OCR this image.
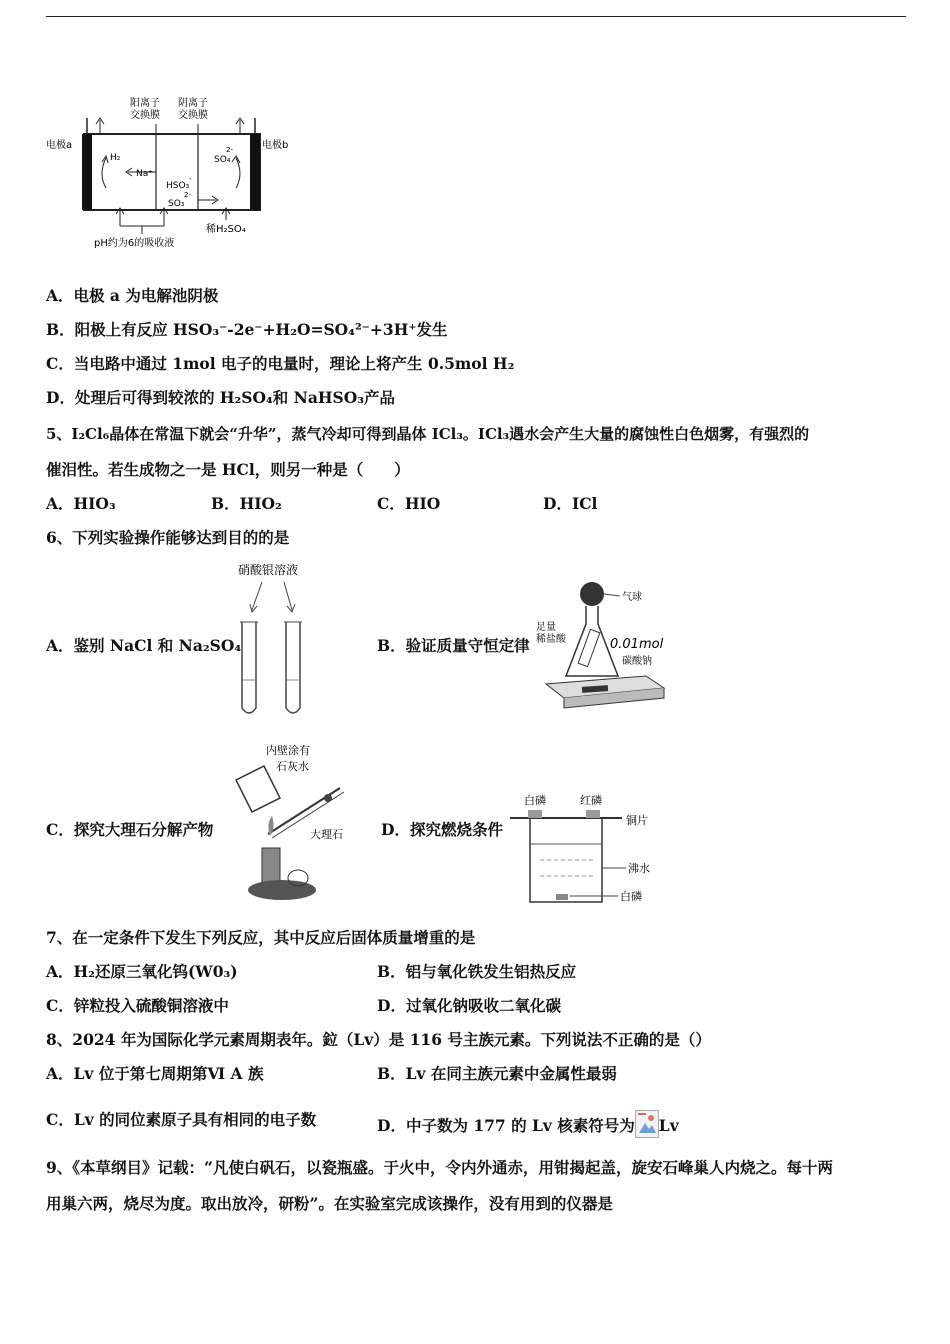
阳离子
交换膜
阴离子
交换膜
电极a	电极b
H₂
Na⁺
SO₄
2-
HSO₃
-
SO₃
2-
pH约为6的吸收液
稀H₂SO₄
A．电极 a 为电解池阴极
B．阳极上有反应 HSO₃⁻-2e⁻+H₂O=SO₄²⁻+3H⁺发生
C．当电路中通过 1mol 电子的电量时，理论上将产生 0.5mol H₂
D．处理后可得到较浓的 H₂SO₄和 NaHSO₃产品
5、I₂Cl₆晶体在常温下就会“升华”，蒸气冷却可得到晶体 ICl₃。ICl₃遇水会产生大量的腐蚀性白色烟雾，有强烈的
催泪性。若生成物之一是 HCl，则另一种是（　　）
A．HIO₃	B．HIO₂	C．HIO	D．ICl
6、下列实验操作能够达到目的的是
硝酸银溶液
A．鉴别 NaCl 和 Na₂SO₄
气球
足量
稀盐酸	0.01mol
碳酸钠
B．验证质量守恒定律
内壁涂有
石灰水
大理石
C．探究大理石分解产物
白磷	红磷
铜片
沸水
白磷
D．探究燃烧条件
7、在一定条件下发生下列反应，其中反应后固体质量增重的是
A．H₂还原三氧化钨(W0₃)	B．铝与氧化铁发生铝热反应
C．锌粒投入硫酸铜溶液中	D．过氧化钠吸收二氧化碳
8、2024 年为国际化学元素周期表年。鉝（Lv）是 116 号主族元素。下列说法不正确的是（）
A．Lv 位于第七周期第Ⅵ A 族	B．Lv 在同主族元素中金属性最弱
C．Lv 的同位素原子具有相同的电子数	D．中子数为 177 的 Lv 核素符号为 Lv
9、《本草纲目》记载：“凡使白矾石，以瓷瓶盛。于火中，令内外通赤，用钳揭起盖，旋安石峰巢人内烧之。每十两
用巢六两，烧尽为度。取出放冷，研粉”。在实验室完成该操作，没有用到的仪器是
